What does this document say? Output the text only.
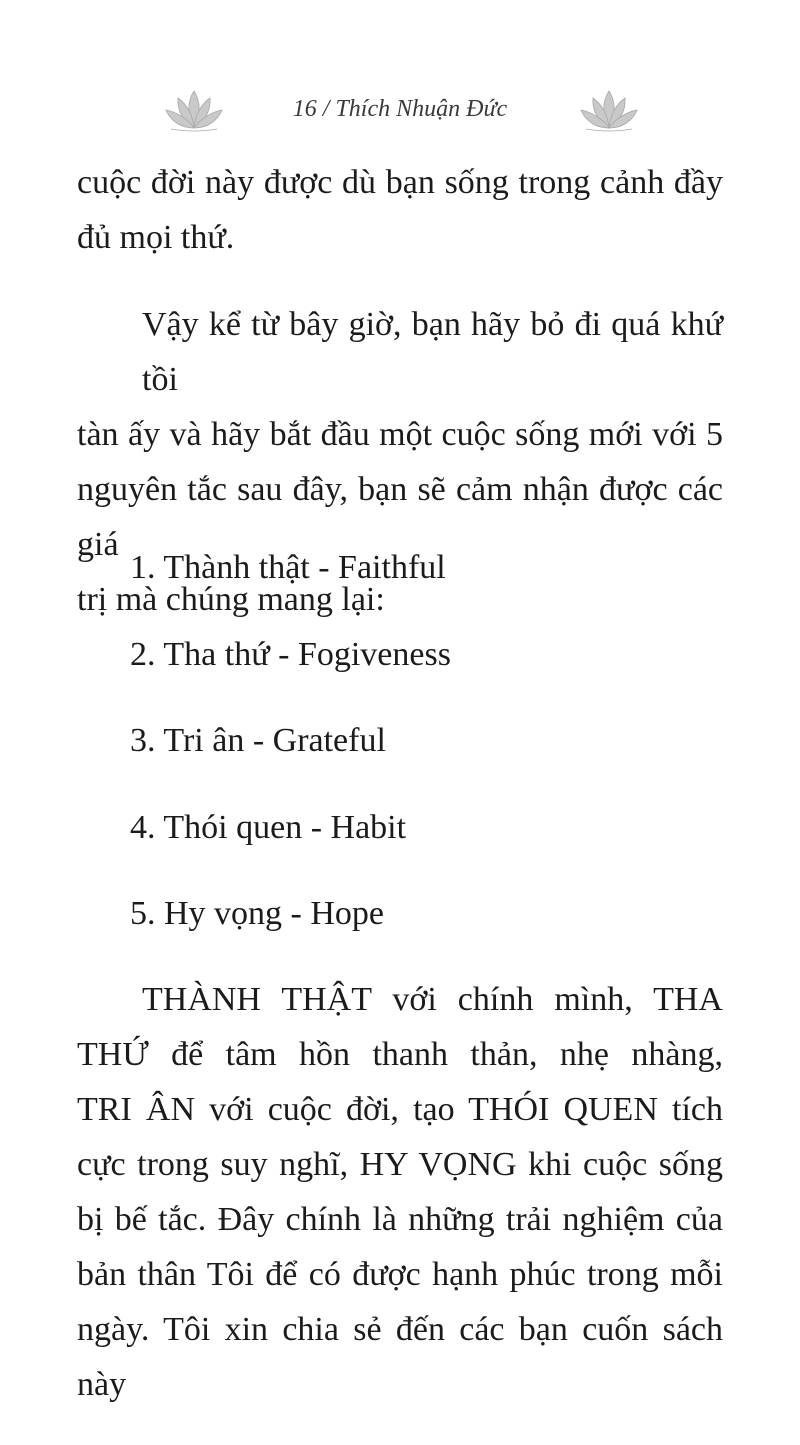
16 / Thích Nhuận Đức

cuộc đời này được dù bạn sống trong cảnh đầy
đủ mọi thứ.

Vậy kể từ bây giờ, bạn hãy bỏ đi quá khứ tồi
tàn ấy và hãy bắt đầu một cuộc sống mới với 5
nguyên tắc sau đây, bạn sẽ cảm nhận được các giá
trị mà chúng mang lại:

1. Thành thật - Faithful
2. Tha thứ - Fogiveness
3. Tri ân - Grateful
4. Thói quen - Habit
5. Hy vọng - Hope

THÀNH THẬT với chính mình, THA
THỨ để tâm hồn thanh thản, nhẹ nhàng,
TRI ÂN với cuộc đời, tạo THÓI QUEN tích
cực trong suy nghĩ, HY VỌNG khi cuộc sống
bị bế tắc. Đây chính là những trải nghiệm của
bản thân Tôi để có được hạnh phúc trong mỗi
ngày. Tôi xin chia sẻ đến các bạn cuốn sách này
